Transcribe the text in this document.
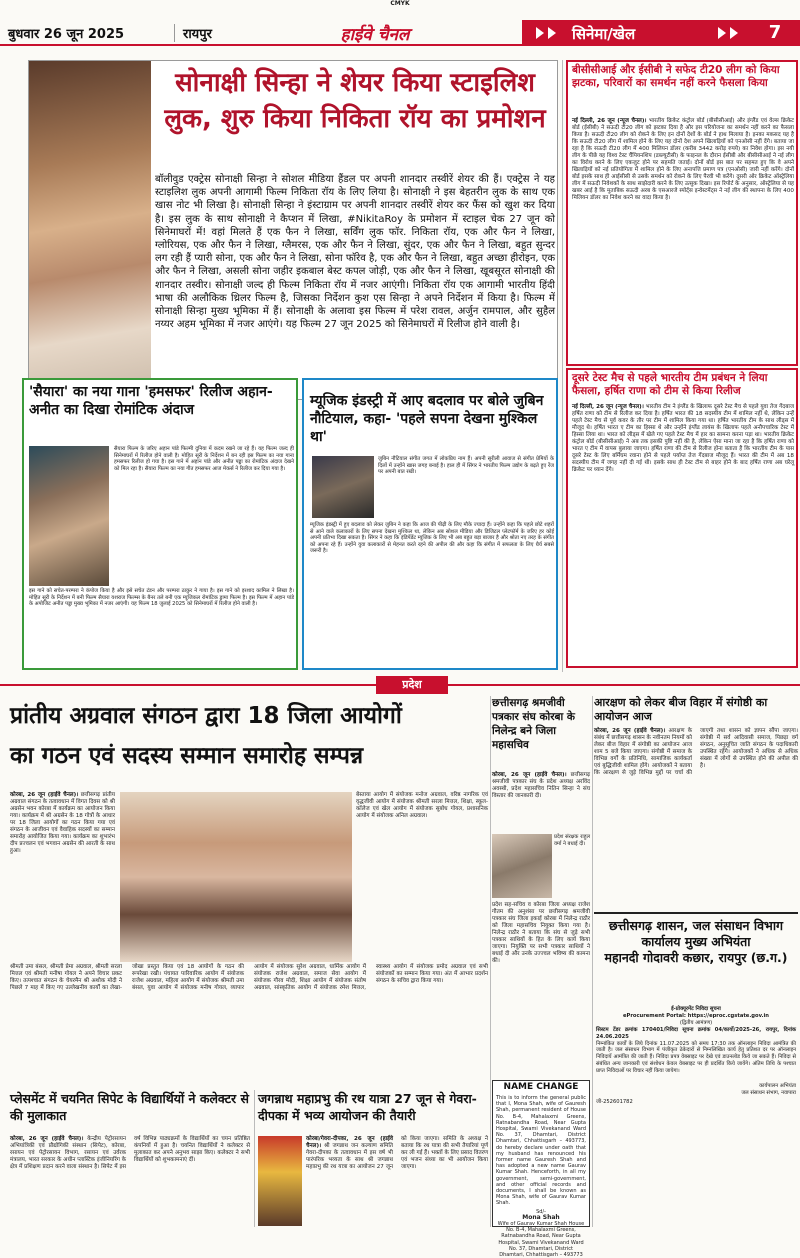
CMYK
बुधवार 26 जून 2025	रायपुर	हाईवे चैनल	सिनेमा/खेल	7
सोनाक्षी सिन्हा ने शेयर किया स्टाइलिश
लुक, शुरु किया निकिता रॉय का प्रमोशन

बॉलीवुड एक्ट्रेस सोनाक्षी सिन्हा ने सोशल मीडिया हैंडल पर अपनी शानदार तस्वीरें शेयर की हैं। एक्ट्रेस ने यह स्टाइलिश लुक अपनी आगामी फिल्म निकिता रॉय के लिए लिया है। सोनाक्षी ने इस बेहतरीन लुक के साथ एक खास नोट भी लिखा है। सोनाक्षी सिन्हा ने इंस्टाग्राम पर अपनी शानदार तस्वीरें शेयर कर फैंस को खुश कर दिया है। इस लुक के साथ सोनाक्षी ने कैप्शन में लिखा, #NikitaRoy के प्रमोशन में स्टाइल चेक 27 जून को सिनेमाघरों में! वहां मिलते हैं एक फैन ने लिखा, सर्विंग लुक फॉर. निकिता रॉय, एक और फैन ने लिखा, ग्लोरियस, एक और फैन ने लिखा, ग्लैमरस, एक और फैन ने लिखा, सुंदर, एक और फैन ने लिखा, बहुत सुन्दर लग रही हैं प्यारी सोना, एक और फैन ने लिखा, सोना फॉरेव है, एक और फैन ने लिखा, बहुत अच्छा हीरोइन, एक और फैन ने लिखा, असली सोना जहीर इकबाल बेस्ट कपल जोड़ी, एक और फैन ने लिखा, खूबसूरत सोनाक्षी की शानदार तस्वीर। सोनाक्षी जल्द ही फिल्म निकिता रॉय में नजर आएंगी। निकिता रॉय एक आगामी भारतीय हिंदी भाषा की अलौकिक थ्रिलर फिल्म है, जिसका निर्देशन कुश एस सिन्हा ने अपने निर्देशन में किया है। फिल्म में सोनाक्षी सिन्हा मुख्य भूमिका में हैं। सोनाक्षी के अलावा इस फिल्म में परेश रावल, अर्जुन रामपाल, और सुहैल नय्यर अहम भूमिका में नजर आएंगे। यह फिल्म 27 जून 2025 को सिनेमाघरों में रिलीज होने वाली है।

बीसीसीआई और ईसीबी ने सफेद टी20 लीग को किया झटका, परिवारों का समर्थन नहीं करने फैसला किया

नई दिल्ली, 26 जून (न्यूज चैनल)। भारतीय क्रिकेट कंट्रोल बोर्ड (बीसीसीआई) और इंग्लैंड एवं वेल्स क्रिकेट बोर्ड (ईसीबी) ने सऊदी टी20 लीग को झटका दिया है और इस परियोजना का समर्थन नहीं करने का फैसला किया है। सऊदी टी20 लीग को रोकने के लिए इन दोनों देशों के बोर्ड ने हाथ मिलाया है। इनका मकसद यह है कि सऊदी टी20 लीग में शामिल होने के लिए यह दोनों देश अपने खिलाड़ियों को एनओसी नहीं देंगे। बताया जा रहा है कि सऊदी टी20 लीग में 400 मिलियन डॉलर (करीब 3442 करोड़ रुपये) का निवेश होगा। इस नयी लीग के पीछे यह विश्व टेस्ट चैंपियनशिप (डब्ल्यूटीसी) के फाइनल के दौरान ईसीबी और बीसीसीआई ने नई लीग का विरोध करने के लिए एकजुट होने पर सहमति जताई। दोनों बोर्ड इस बात पर सहमत हुए कि वे अपने खिलाड़ियों को नई प्रतियोगिता में शामिल होने के लिए अनापत्ति प्रमाण पत्र (एनओसी) जारी नहीं करेंगे। दोनों बोर्ड इसके साथ ही आईसीसी से उसके समर्थन को रोकने के लिए पैरवी भी करेंगे। दूसरी ओर क्रिकेट ऑस्ट्रेलिया लीग में सऊदी निवेशकों के साथ साझेदारी करने के लिए उत्सुक दिखा। इस रिपोर्ट के अनुसार, ऑस्ट्रेलिया से यह खबर आई है कि मुताबिक सऊदी अरब के एसआरजे स्पोर्ट्स इन्वेस्टमेंट्स ने नई लीग की स्थापना के लिए 400 मिलियन डॉलर का निवेश करने का वादा किया है।

दूसरे टेस्ट मैच से पहले भारतीय टीम प्रबंधन ने लिया फैसला, हर्षित राणा को टीम से किया रिलीज

नई दिल्ली, 26 जून (न्यूज चैनल)। भारतीय टीम ने इंग्लैंड के खिलाफ दूसरे टेस्ट मैच से पहले युवा तेज गेंदबाज हर्षित राणा को टीम से रिलीज कर दिया है। हर्षित भारत की 18 सदस्यीय टीम में शामिल नहीं थे, लेकिन उन्हें पहले टेस्ट मैच से पूर्व कवर के तौर पर टीम में शामिल किया गया था। हर्षित भारतीय टीम के साथ लीड्स में मौजूद थे। हर्षित भारत ए टीम का हिस्सा थे और उन्होंने इंग्लैंड लायंस के खिलाफ पहले अनौपचारिक टेस्ट में हिस्सा लिया था। भारत को लीड्स में खेले गए पहले टेस्ट मैच में हार का सामना करना पड़ा था। भारतीय क्रिकेट कंट्रोल बोर्ड (बीसीसीआई) ने अब तक इसकी पुष्टि नहीं की है, लेकिन ऐसा माना जा रहा है कि हर्षित राणा को भारत ए टीम में वापस बुलाया जाएगा। हर्षित राणा की टीम से रिलीज होना बताता है कि भारतीय टीम के पास दूसरे टेस्ट के लिए बर्मिंघम रवाना होने से पहले पर्याप्त तेज गेंदबाज मौजूद हैं। भारत की टीम में अब 18 सदस्यीय टीम में जगह नहीं दी गई थी। इसके साथ ही टेस्ट टीम से बाहर होने के बाद हर्षित राणा अब घरेलू क्रिकेट पर ध्यान देंगे।

'सैयारा' का नया गाना 'हमसफर' रिलीज अहान-अनीत का दिखा रोमांटिक अंदाज

सैयारा फिल्म के जरिए अहान पांडे फिल्मी दुनिया में कदम रखने जा रहे हैं। यह फिल्म जल्द ही सिनेमाघरों में रिलीज होने वाली है। मोहित सूरी के निर्देशन में बन रही इस फिल्म का नया गाना हमसफर रिलीज हो गया है। इस गाने में अहान पांडे और अनीत पड्डा का रोमांटिक अंदाज देखने को मिल रहा है। सैयारा फिल्म का नया गीत हमसफर आज मेकर्स ने रिलीज कर दिया गया है।

इस गाने को सचेत-परम्परा ने कंपोज किया है और इसे सचेत टंडन और परम्परा ठाकुर ने गाया है। इस गाने को इरशाद कामिल ने लिखा है। मोहित सूरी के निर्देशन में बनी फिल्म सैयारा यशराज फिल्म्स के बैनर तले बनी एक म्यूजिकल रोमांटिक ड्रामा फिल्म है। इस फिल्म में अहान पांडे के अपोजिट अनीत पड्डा मुख्य भूमिका में नजर आएंगी। यह फिल्म 18 जुलाई 2025 को सिनेमाघरों में रिलीज होने वाली है।

म्यूजिक इंडस्ट्री में आए बदलाव पर बोले जुबिन नौटियाल, कहा- 'पहले सपना देखना मुश्किल था'

जुबिन नौटियाल संगीत जगत में लोकप्रिय नाम हैं। अपनी सुरीली आवाज से संगीत प्रेमियों के दिलों में उन्होंने खास जगह बनाई है। हाल ही में सिंगर ने भारतीय फिल्म उद्योग के बढ़ते हुए रेंज पर अपनी बात रखी।

म्यूजिक इंडस्ट्री में हुए बदलाव को लेकर जुबिन ने कहा कि आज की पीढ़ी के लिए मौके ज्यादा हैं। उन्होंने कहा कि पहले छोटे शहरों से आने वाले कलाकारों के लिए सपना देखना मुश्किल था, लेकिन अब सोशल मीडिया और डिजिटल प्लेटफॉर्म के जरिए हर कोई अपनी प्रतिभा दिखा सकता है। सिंगर ने कहा कि इंडिपेंडेंट म्यूजिक के लिए भी अब बहुत बड़ा बाजार है और श्रोता नए तरह के संगीत को अपना रहे हैं। उन्होंने युवा कलाकारों से मेहनत करते रहने की अपील की और कहा कि संगीत में सफलता के लिए धैर्य सबसे जरूरी है।

प्रदेश
प्रांतीय अग्रवाल संगठन द्वारा 18 जिला आयोगों
का गठन एवं सदस्य सम्मान समारोह सम्पन्न

कोरबा, 26 जून (हाईवे चैनल)। छत्तीसगढ़ प्रांतीय अग्रवाल संगठन के तत्वावधान में विगत दिवस को श्री अग्रसेन भवन कोरबा में कार्यक्रम का आयोजन किया गया। कार्यक्रम में श्री अग्रसेन के 18 गोत्रों के आधार पर 18 जिला आयोगों का गठन किया गया एवं संगठन के आजीवन एवं वैवाहिक सदस्यों का सम्मान समारोह आयोजित किया गया। कार्यक्रम का शुभारंभ दीप प्रज्वलन एवं भगवान अग्रसेन की आरती के साथ हुआ।

बेस्ताया आयोग में संयोजक मनोज अग्रवाल, वरिष्ठ नागरिक एवं वृद्धजीवी आयोग में संयोजक श्रीमती सरला मित्तल, शिक्षा, स्कूल-कॉलेज एवं खेल आयोग में संयोजक सुबोध गोयल, प्रशासनिक आयोग में संयोजक अनिल अग्रवाल।

श्रीमती उमा बंसल, श्रीमती प्रेमा अग्रवाल, श्रीमती सरला मित्तल एवं श्रीमती मनीषा गोयल ने अपने विचार प्रकट किए। तत्पश्चात संगठन के चेयरमैन श्री अशोक मोदी ने पिछले 7 माह में किए गए उल्लेखनीय कार्यों का लेखा-जोखा प्रस्तुत किया एवं 18 आयोगों के गठन की रूपरेखा रखी। पंचायत पारिवारिक आयोग में संयोजक राजेश अग्रवाल, महिला आयोग में संयोजक श्रीमती उमा बंसल, युवा आयोग में संयोजक मनीष गोयल, व्यापार आयोग में संयोजक सुरेश अग्रवाल, धार्मिक आयोग में संयोजक राजेश अग्रवाल, समाज सेवा आयोग में संयोजक गौरव मोदी, शिक्षा आयोग में संयोजक संतोष अग्रवाल, सांस्कृतिक आयोग में संयोजक रमेश मित्तल, स्वास्थ्य आयोग में संयोजक प्रमोद अग्रवाल एवं सभी संयोजकों का सम्मान किया गया। अंत में आभार प्रदर्शन संगठन के सचिव द्वारा किया गया।

छत्तीसगढ़ श्रमजीवी पत्रकार संघ कोरबा के निलेन्द्र बने जिला महासचिव

कोरबा, 26 जून (हाईवे चैनल)। छत्तीसगढ़ श्रमजीवी पत्रकार संघ के प्रदेश अध्यक्ष अरविंद अवस्थी, प्रदेश महासचिव नितिन सिन्हा ने संघ विस्तार की जानकारी दी।

प्रदेश संरक्षक राहुल वर्मा ने बधाई दी।

प्रदेश सह-सचिव व कोरबा जिला अध्यक्ष राजेश गौतम की अनुशंसा पर छत्तीसगढ़ श्रमजीवी पत्रकार संघ जिला इकाई कोरबा में निलेन्द्र राठौर को जिला महासचिव नियुक्त किया गया है। निलेन्द्र राठौर ने बताया कि संघ से जुड़े सभी पत्रकार साथियों के हित के लिए कार्य किया जाएगा। नियुक्ति पर सभी पत्रकार साथियों ने बधाई दी और उनके उज्ज्वल भविष्य की कामना की।

आरक्षण को लेकर बीज विहार में संगोष्ठी का आयोजन आज

कोरबा, 26 जून (हाईवे चैनल)। आरक्षण के संबंध में छत्तीसगढ़ शासन के नवीनतम नियमों को लेकर बीज विहार में संगोष्ठी का आयोजन आज शाम 5 बजे किया जाएगा। संगोष्ठी में समाज के विभिन्न वर्गों के प्रतिनिधि, सामाजिक कार्यकर्ता एवं बुद्धिजीवी शामिल होंगे। आयोजकों ने बताया कि आरक्षण से जुड़े विभिन्न मुद्दों पर चर्चा की जाएगी तथा शासन को ज्ञापन सौंपा जाएगा। संगोष्ठी में सर्व आदिवासी समाज, पिछड़ा वर्ग संगठन, अनुसूचित जाति संगठन के पदाधिकारी उपस्थित रहेंगे। आयोजकों ने अधिक से अधिक संख्या में लोगों से उपस्थित होने की अपील की है।

छत्तीसगढ़ शासन, जल संसाधन विभाग
कार्यालय मुख्य अभियंता
महानदी गोदावरी कछार, रायपुर (छ.ग.)

ई-प्रोक्यूरमेंट निविदा सूचना

eProcurement Portal: https://eproc.cgstate.gov.in

(द्वितीय आमंत्रण)

सिस्टम टेंडर क्रमांक 170401/निविदा सूचना क्रमांक 04/कार्यो/2025-26, रायपुर, दिनांक 24.06.2025

निम्नांकित कार्यों के लिये दिनांक 11.07.2025 को समय 17:30 तक ऑनलाइन निविदा आमंत्रित की जाती है। जल संसाधन विभाग में पंजीकृत ठेकेदारों से निम्नलिखित कार्य हेतु प्रतिशत दर पर ऑनलाइन निविदायें आमंत्रित की जाती हैं। निविदा प्रपत्र वेबसाइट पर देखे एवं डाउनलोड किये जा सकते हैं। निविदा से संबंधित अन्य जानकारी एवं संशोधन केवल वेबसाइट पर ही प्रदर्शित किये जायेंगे। अंतिम तिथि के पश्चात प्राप्त निविदाओं पर विचार नहीं किया जायेगा।

कार्यपालन अभियंता

जल संसाधन संभाग, नवापारा

जी-252601782

प्लेसमेंट में चयनित सिपेट के विद्यार्थियों ने कलेक्टर से की मुलाकात

कोरबा, 26 जून (हाईवे चैनल)। केन्द्रीय पेट्रोरसायन अभियांत्रिकी एवं प्रौद्योगिकी संस्थान (सिपेट), कोरबा, रसायन एवं पेट्रोरसायन विभाग, रसायन एवं उर्वरक मंत्रालय, भारत सरकार के अधीन प्लास्टिक इंजीनियरिंग के क्षेत्र में प्रशिक्षण प्रदान करने वाला संस्थान है। सिपेट में इस वर्ष विभिन्न पाठ्यक्रमों के विद्यार्थियों का चयन प्रतिष्ठित कंपनियों में हुआ है। चयनित विद्यार्थियों ने कलेक्टर से मुलाकात कर अपने अनुभव साझा किए। कलेक्टर ने सभी विद्यार्थियों को शुभकामनाएं दीं।

जगन्नाथ महाप्रभु की रथ यात्रा 27 जून से गेवरा-दीपका में भव्य आयोजन की तैयारी

कोरबा/गेवरा-दीपका, 26 जून (हाईवे चैनल)। श्री जगन्नाथ जन कल्याण समिति गेवरा-दीपका के तत्वावधान में इस वर्ष भी पारंपरिक भव्यता के साथ श्री जगन्नाथ महाप्रभु की रथ यात्रा का आयोजन 27 जून को किया जाएगा। समिति के अध्यक्ष ने बताया कि रथ यात्रा की सभी तैयारियां पूर्ण कर ली गई हैं। भक्तों के लिए प्रसाद वितरण एवं भजन संध्या का भी आयोजन किया जाएगा।

NAME CHANGE

This is to inform the general public that I, Mona Shah, wife of Gauresh Shah, permanent resident of House No. B-4, Mahalaxmi Greens, Ratnabandha Road, Near Gupta Hospital, Swami Vivekanand Ward No. 37, Dhamtari, District Dhamtari, Chhattisgarh – 493773, do hereby declare under oath that my husband has renounced his former name Gauresh Shah and has adopted a new name Gaurav Kumar Shah. Henceforth, in all my government, semi-government, and other official records and documents, I shall be known as Mona Shah, wife of Gaurav Kumar Shah.

Sd/-

Mona Shah

Wife of Gaurav Kumar Shah House No. B-4, Mahalaxmi Greens, Ratnabandha Road, Near Gupta Hospital, Swami Vivekanand Ward No. 37, Dhamtari, District Dhamtari, Chhattisgarh – 493773
